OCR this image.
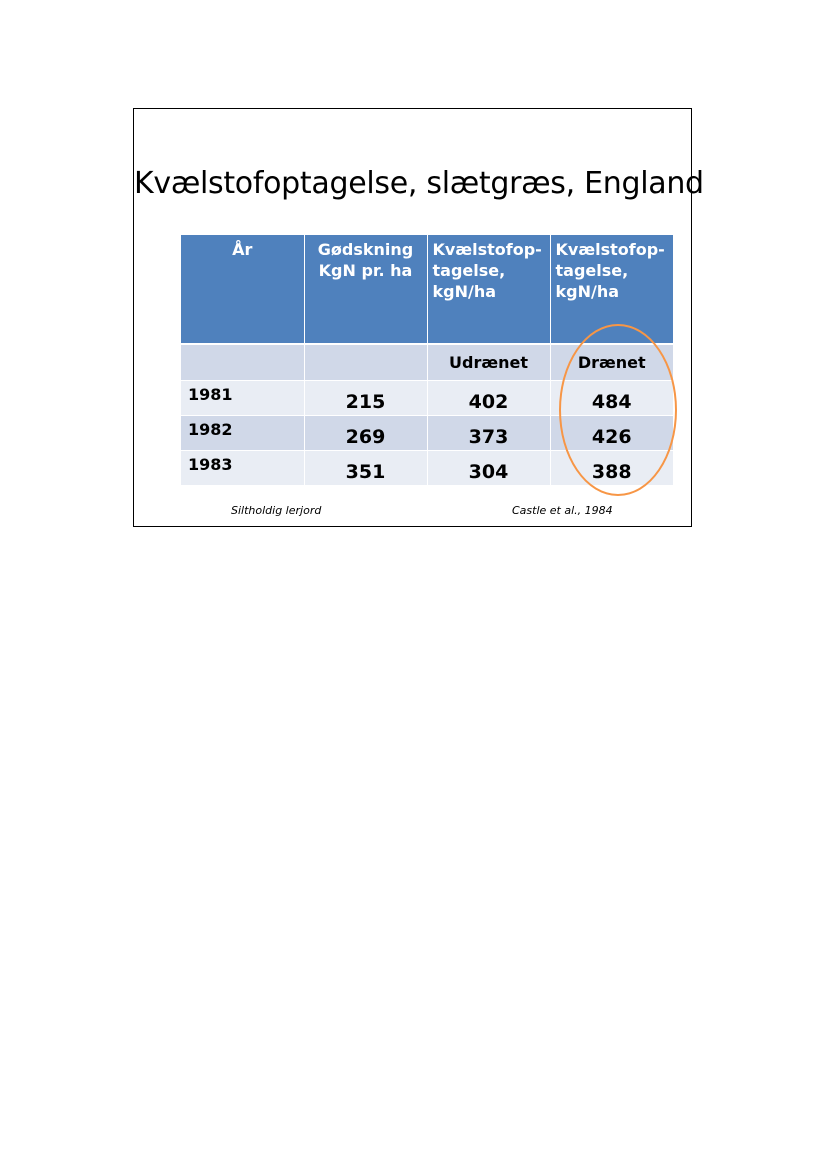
Kvælstofoptagelse, slætgræs, England
År	Gødskning KgN pr. ha	Kvælstofop-tagelse, kgN/ha	Kvælstofop-tagelse, kgN/ha
		Udrænet	Drænet
1981	215	402	484
1982	269	373	426
1983	351	304	388
Siltholdig lerjord	Castle et al., 1984
